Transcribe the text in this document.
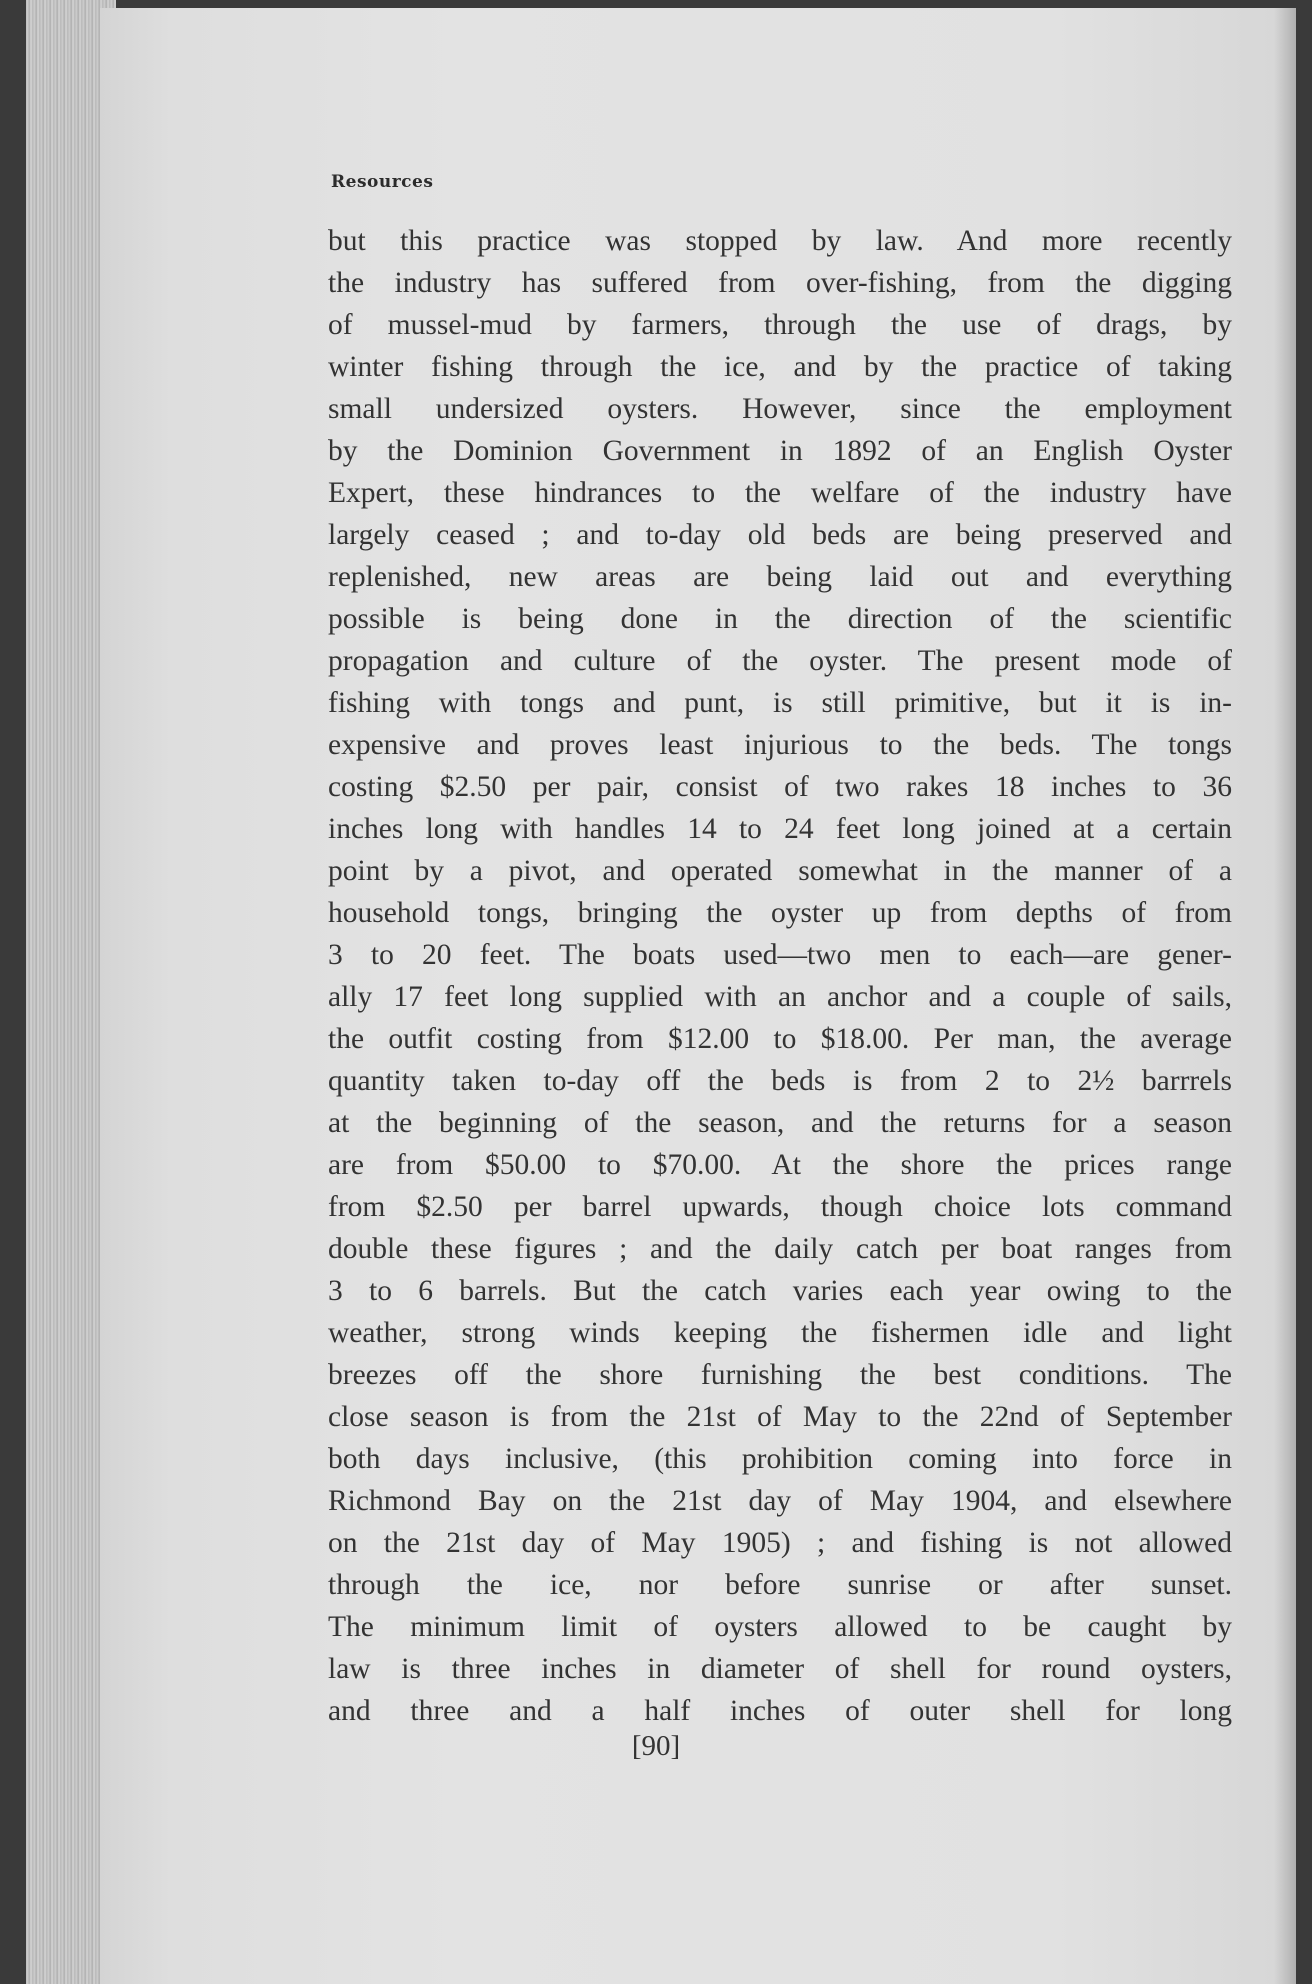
Resources
but this practice was stopped by law. And more recently
the industry has suffered from over-fishing, from the digging
of mussel-mud by farmers, through the use of drags, by
winter fishing through the ice, and by the practice of taking
small undersized oysters. However, since the employment
by the Dominion Government in 1892 of an English Oyster
Expert, these hindrances to the welfare of the industry have
largely ceased ; and to-day old beds are being preserved and
replenished, new areas are being laid out and everything
possible is being done in the direction of the scientific
propagation and culture of the oyster. The present mode of
fishing with tongs and punt, is still primitive, but it is in-
expensive and proves least injurious to the beds. The tongs
costing $2.50 per pair, consist of two rakes 18 inches to 36
inches long with handles 14 to 24 feet long joined at a certain
point by a pivot, and operated somewhat in the manner of a
household tongs, bringing the oyster up from depths of from
3 to 20 feet. The boats used—two men to each—are gener-
ally 17 feet long supplied with an anchor and a couple of sails,
the outfit costing from $12.00 to $18.00. Per man, the average
quantity taken to-day off the beds is from 2 to 2½ barrrels
at the beginning of the season, and the returns for a season
are from $50.00 to $70.00. At the shore the prices range
from $2.50 per barrel upwards, though choice lots command
double these figures ; and the daily catch per boat ranges from
3 to 6 barrels. But the catch varies each year owing to the
weather, strong winds keeping the fishermen idle and light
breezes off the shore furnishing the best conditions. The
close season is from the 21st of May to the 22nd of September
both days inclusive, (this prohibition coming into force in
Richmond Bay on the 21st day of May 1904, and elsewhere
on the 21st day of May 1905) ; and fishing is not allowed
through the ice, nor before sunrise or after sunset.
The minimum limit of oysters allowed to be caught by
law is three inches in diameter of shell for round oysters,
and three and a half inches of outer shell for long
[90]
